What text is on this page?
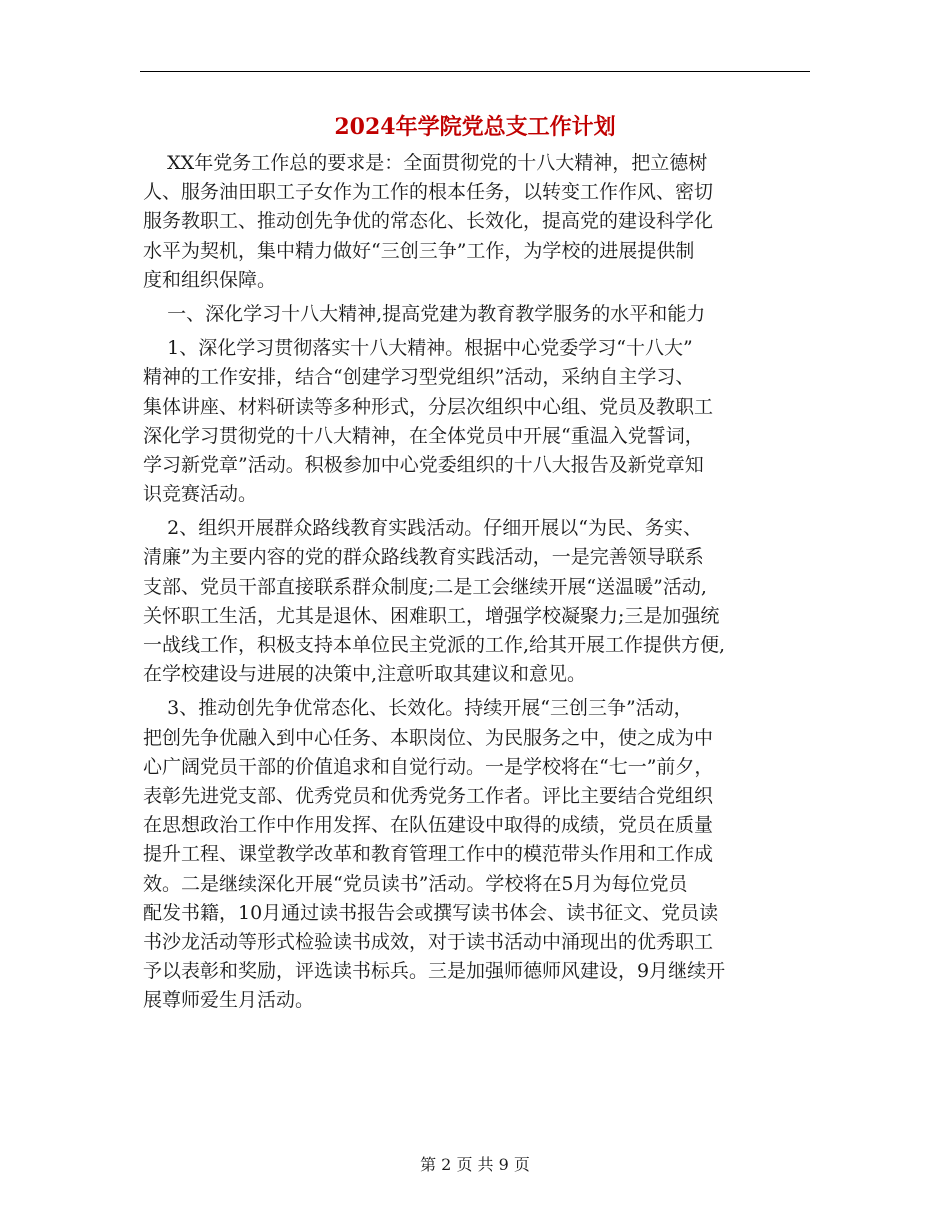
2024年学院党总支工作计划
XX年党务工作总的要求是：全面贯彻党的十八大精神，把立德树
人、服务油田职工子女作为工作的根本任务，以转变工作作风、密切
服务教职工、推动创先争优的常态化、长效化，提高党的建设科学化
水平为契机，集中精力做好“三创三争”工作，为学校的进展提供制
度和组织保障。
一、深化学习十八大精神,提高党建为教育教学服务的水平和能力
1、深化学习贯彻落实十八大精神。根据中心党委学习“十八大”
精神的工作安排，结合“创建学习型党组织”活动，采纳自主学习、
集体讲座、材料研读等多种形式，分层次组织中心组、党员及教职工
深化学习贯彻党的十八大精神，在全体党员中开展“重温入党誓词，
学习新党章”活动。积极参加中心党委组织的十八大报告及新党章知
识竞赛活动。
2、组织开展群众路线教育实践活动。仔细开展以“为民、务实、
清廉”为主要内容的党的群众路线教育实践活动，一是完善领导联系
支部、党员干部直接联系群众制度;二是工会继续开展“送温暖”活动,
关怀职工生活，尤其是退休、困难职工，增强学校凝聚力;三是加强统
一战线工作，积极支持本单位民主党派的工作,给其开展工作提供方便,
在学校建设与进展的决策中,注意听取其建议和意见。
3、推动创先争优常态化、长效化。持续开展“三创三争”活动，
把创先争优融入到中心任务、本职岗位、为民服务之中，使之成为中
心广阔党员干部的价值追求和自觉行动。一是学校将在“七一”前夕，
表彰先进党支部、优秀党员和优秀党务工作者。评比主要结合党组织
在思想政治工作中作用发挥、在队伍建设中取得的成绩，党员在质量
提升工程、课堂教学改革和教育管理工作中的模范带头作用和工作成
效。二是继续深化开展“党员读书”活动。学校将在5月为每位党员
配发书籍，10月通过读书报告会或撰写读书体会、读书征文、党员读
书沙龙活动等形式检验读书成效，对于读书活动中涌现出的优秀职工
予以表彰和奖励，评选读书标兵。三是加强师德师风建设，9月继续开
展尊师爱生月活动。
第 2 页 共 9 页
